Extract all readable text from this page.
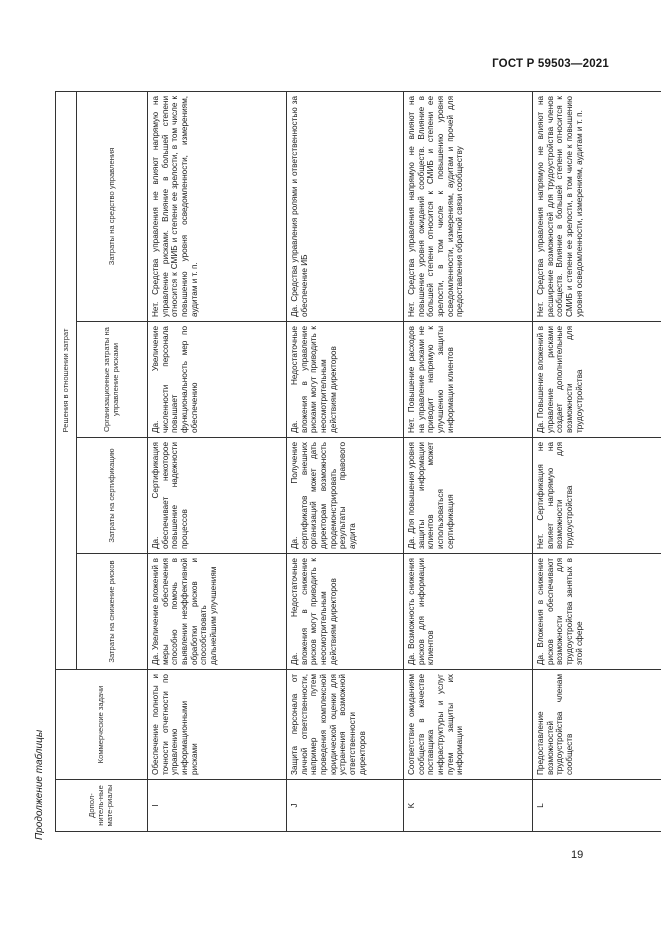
ГОСТ Р 59503—2021
Продолжение таблицы	Допол-нитель-ные мате-риалы	Коммерческие задачи	Решения в отношении затрат			
		Затраты на снижение рисков	Затраты на сертификацию	Организационные затраты на управление рисками	Затраты на средство управления
I	Обеспечение полноты и точности отчетности по управлению информационными рисками	Да. Увеличение вложений в меры обеспечения способно помочь в выявлении неэффективной обработки рисков и способствовать дальнейшим улучшениям	Да. Сертификация обеспечивает некоторое повышение надежности процессов	Да. Увеличение численности персонала повышает функциональность мер по обеспечению	Нет. Средства управления не влияют напрямую на управление рисками. Влияние в большей степени относится к СМИБ и степени ее зрелости, в том числе к повышению уровня осведомленности, измерениям, аудитам и т. п.
J	Защита персонала от личной ответственности, например путем проведения комплексной юридической оценки для устранения возможной ответственности директоров	Да. Недостаточные вложения в снижение рисков могут приводить к неосмотрительным действиям директоров	Да. Получение сертификатов внешних организаций может дать директорам возможность продемонстрировать результаты правового аудита	Да. Недостаточные вложения в управление рисками могут приводить к неосмотрительным действиям директоров	Да. Средства управления ролями и ответственностью за обеспечение ИБ
K	Соответствие ожиданиям сообществ в качестве поставщика инфраструктуры и услуг путем защиты их информации	Да. Возможность снижения рисков для информации клиентов	Да. Для повышения уровня защиты информации клиентов может использоваться сертификация	Нет. Повышение расходов на управление рисками не приводит напрямую к улучшению защиты информации клиентов	Нет. Средства управления напрямую не влияют на повышение уровня ожиданий сообществ. Влияние в большей степени относится к СМИБ и степени ее зрелости, в том числе к повышению уровня осведомленности, измерениям, аудитам и прочей для предоставления обратной связи сообществу
L	Предоставление возможностей трудоустройства членам сообществ	Да. Вложения в снижение рисков обеспечивают возможности для трудоустройства занятых в этой сфере	Нет. Сертификация не влияет напрямую на возможности для трудоустройства	Да. Повышение вложений в управление рисками создает дополнительные возможности для трудоустройства	Нет. Средства управления напрямую не влияют на расширение возможностей для трудоустройства членов сообществ. Влияние в большей степени относится к СМИБ и степени ее зрелости, в том числе к повышению уровня осведомленности, измерениям, аудитам и т. п.
19
